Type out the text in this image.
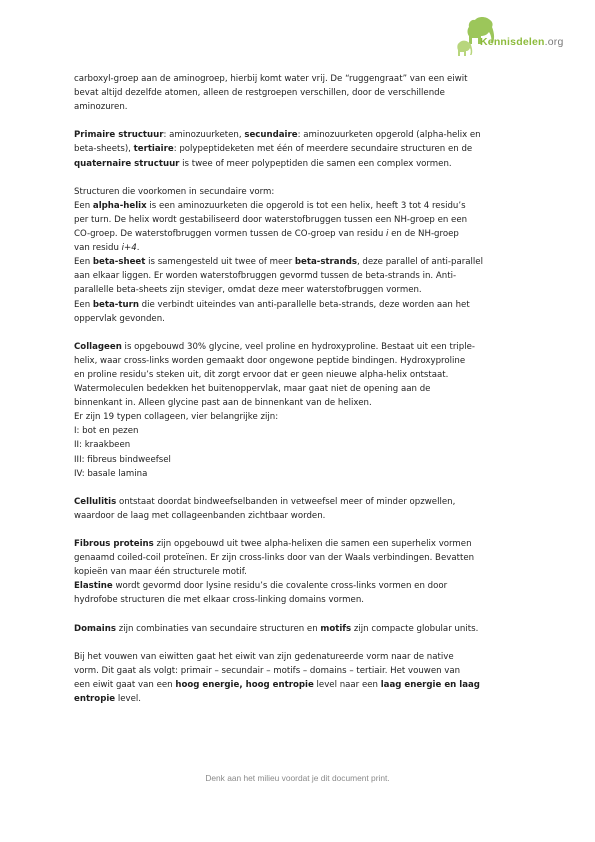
Kennisdelen.org

carboxyl-groep aan de aminogroep, hierbij komt water vrij. De “ruggengraat” van een eiwit
bevat altijd dezelfde atomen, alleen de restgroepen verschillen, door de verschillende
aminozuren.

Primaire structuur: aminozuurketen, secundaire: aminozuurketen opgerold (alpha-helix en
beta-sheets), tertiaire: polypeptideketen met één of meerdere secundaire structuren en de
quaternaire structuur is twee of meer polypeptiden die samen een complex vormen.

Structuren die voorkomen in secundaire vorm:
Een alpha-helix is een aminozuurketen die opgerold is tot een helix, heeft 3 tot 4 residu’s
per turn. De helix wordt gestabiliseerd door waterstofbruggen tussen een NH-groep en een
CO-groep. De waterstofbruggen vormen tussen de CO-groep van residu i en de NH-groep
van residu i+4.
Een beta-sheet is samengesteld uit twee of meer beta-strands, deze parallel of anti-parallel
aan elkaar liggen. Er worden waterstofbruggen gevormd tussen de beta-strands in. Anti-
parallelle beta-sheets zijn steviger, omdat deze meer waterstofbruggen vormen.
Een beta-turn die verbindt uiteindes van anti-parallelle beta-strands, deze worden aan het
oppervlak gevonden.

Collageen is opgebouwd 30% glycine, veel proline en hydroxyproline. Bestaat uit een triple-
helix, waar cross-links worden gemaakt door ongewone peptide bindingen. Hydroxyproline
en proline residu’s steken uit, dit zorgt ervoor dat er geen nieuwe alpha-helix ontstaat.
Watermoleculen bedekken het buitenoppervlak, maar gaat niet de opening aan de
binnenkant in. Alleen glycine past aan de binnenkant van de helixen.
Er zijn 19 typen collageen, vier belangrijke zijn:
I: bot en pezen
II: kraakbeen
III: fibreus bindweefsel
IV: basale lamina

Cellulitis ontstaat doordat bindweefselbanden in vetweefsel meer of minder opzwellen,
waardoor de laag met collageenbanden zichtbaar worden.

Fibrous proteins zijn opgebouwd uit twee alpha-helixen die samen een superhelix vormen
genaamd coiled-coil proteïnen. Er zijn cross-links door van der Waals verbindingen. Bevatten
kopieën van maar één structurele motif.
Elastine wordt gevormd door lysine residu’s die covalente cross-links vormen en door
hydrofobe structuren die met elkaar cross-linking domains vormen.

Domains zijn combinaties van secundaire structuren en motifs zijn compacte globular units.

Bij het vouwen van eiwitten gaat het eiwit van zijn gedenatureerde vorm naar de native
vorm. Dit gaat als volgt: primair – secundair – motifs – domains – tertiair. Het vouwen van
een eiwit gaat van een hoog energie, hoog entropie level naar een laag energie en laag
entropie level.

Denk aan het milieu voordat je dit document print.
